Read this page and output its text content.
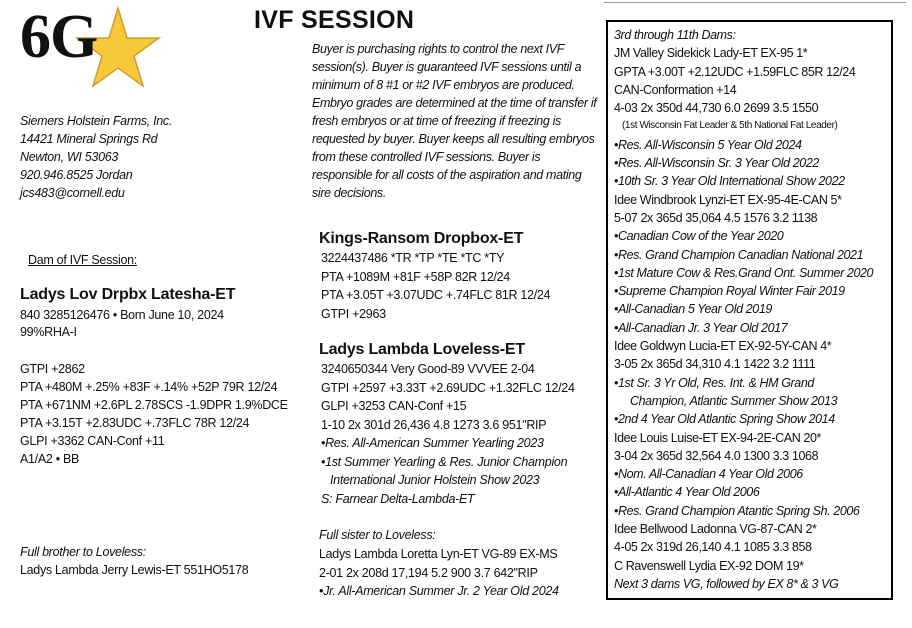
6G	IVF SESSION
Siemers Holstein Farms, Inc.
14421 Mineral Springs Rd
Newton, WI 53063
920.946.8525 Jordan
jcs483@cornell.edu
Dam of IVF Session:
Ladys Lov Drpbx Latesha-ET
840 3285126476 • Born June 10, 2024
99%RHA-I
GTPI +2862
PTA +480M +.25% +83F +.14% +52P 79R 12/24
PTA +671NM +2.6PL 2.78SCS -1.9DPR 1.9%DCE
PTA +3.15T +2.83UDC +.73FLC 78R 12/24
GLPI +3362 CAN-Conf +11
A1/A2 • BB
Full brother to Loveless:
Ladys Lambda Jerry Lewis-ET 551HO5178
Buyer is purchasing rights to control the next IVF session(s). Buyer is guaranteed IVF sessions until a minimum of 8 #1 or #2 IVF embryos are produced. Embryo grades are determined at the time of transfer if fresh embryos or at time of freezing if freezing is requested by buyer. Buyer keeps all resulting embryos from these controlled IVF sessions. Buyer is responsible for all costs of the aspiration and mating sire decisions.
Kings-Ransom Dropbox-ET
3224437486 *TR *TP *TE *TC *TY
PTA +1089M +81F +58P 82R 12/24
PTA +3.05T +3.07UDC +.74FLC 81R 12/24
GTPI +2963
Ladys Lambda Loveless-ET
3240650344 Very Good-89 VVVEE 2-04
GTPI +2597 +3.33T +2.69UDC +1.32FLC 12/24
GLPI +3253 CAN-Conf +15
1-10 2x 301d 26,436 4.8 1273 3.6 951"RIP
•Res. All-American Summer Yearling 2023
•1st Summer Yearling & Res. Junior Champion
International Junior Holstein Show 2023
S: Farnear Delta-Lambda-ET
Full sister to Loveless:
Ladys Lambda Loretta Lyn-ET VG-89 EX-MS
2-01 2x 208d 17,194 5.2 900 3.7 642"RIP
•Jr. All-American Summer Jr. 2 Year Old 2024
3rd through 11th Dams:
JM Valley Sidekick Lady-ET EX-95 1*
GPTA +3.00T +2.12UDC +1.59FLC 85R 12/24
CAN-Conformation +14
4-03 2x 350d 44,730 6.0 2699 3.5 1550
(1st Wisconsin Fat Leader & 5th National Fat Leader)
•Res. All-Wisconsin 5 Year Old 2024
•Res. All-Wisconsin Sr. 3 Year Old 2022
•10th Sr. 3 Year Old International Show 2022
Idee Windbrook Lynzi-ET EX-95-4E-CAN 5*
5-07 2x 365d 35,064 4.5 1576 3.2 1138
•Canadian Cow of the Year 2020
•Res. Grand Champion Canadian National 2021
•1st Mature Cow & Res.Grand Ont. Summer 2020
•Supreme Champion Royal Winter Fair 2019
•All-Canadian 5 Year Old 2019
•All-Canadian Jr. 3 Year Old 2017
Idee Goldwyn Lucia-ET EX-92-5Y-CAN 4*
3-05 2x 365d 34,310 4.1 1422 3.2 1111
•1st Sr. 3 Yr Old, Res. Int. & HM Grand
Champion, Atlantic Summer Show 2013
•2nd 4 Year Old Atlantic Spring Show 2014
Idee Louis Luise-ET EX-94-2E-CAN 20*
3-04 2x 365d 32,564 4.0 1300 3.3 1068
•Nom. All-Canadian 4 Year Old 2006
•All-Atlantic 4 Year Old 2006
•Res. Grand Champion Atantic Spring Sh. 2006
Idee Bellwood Ladonna VG-87-CAN 2*
4-05 2x 319d 26,140 4.1 1085 3.3 858
C Ravenswell Lydia EX-92 DOM 19*
Next 3 dams VG, followed by EX 8* & 3 VG
